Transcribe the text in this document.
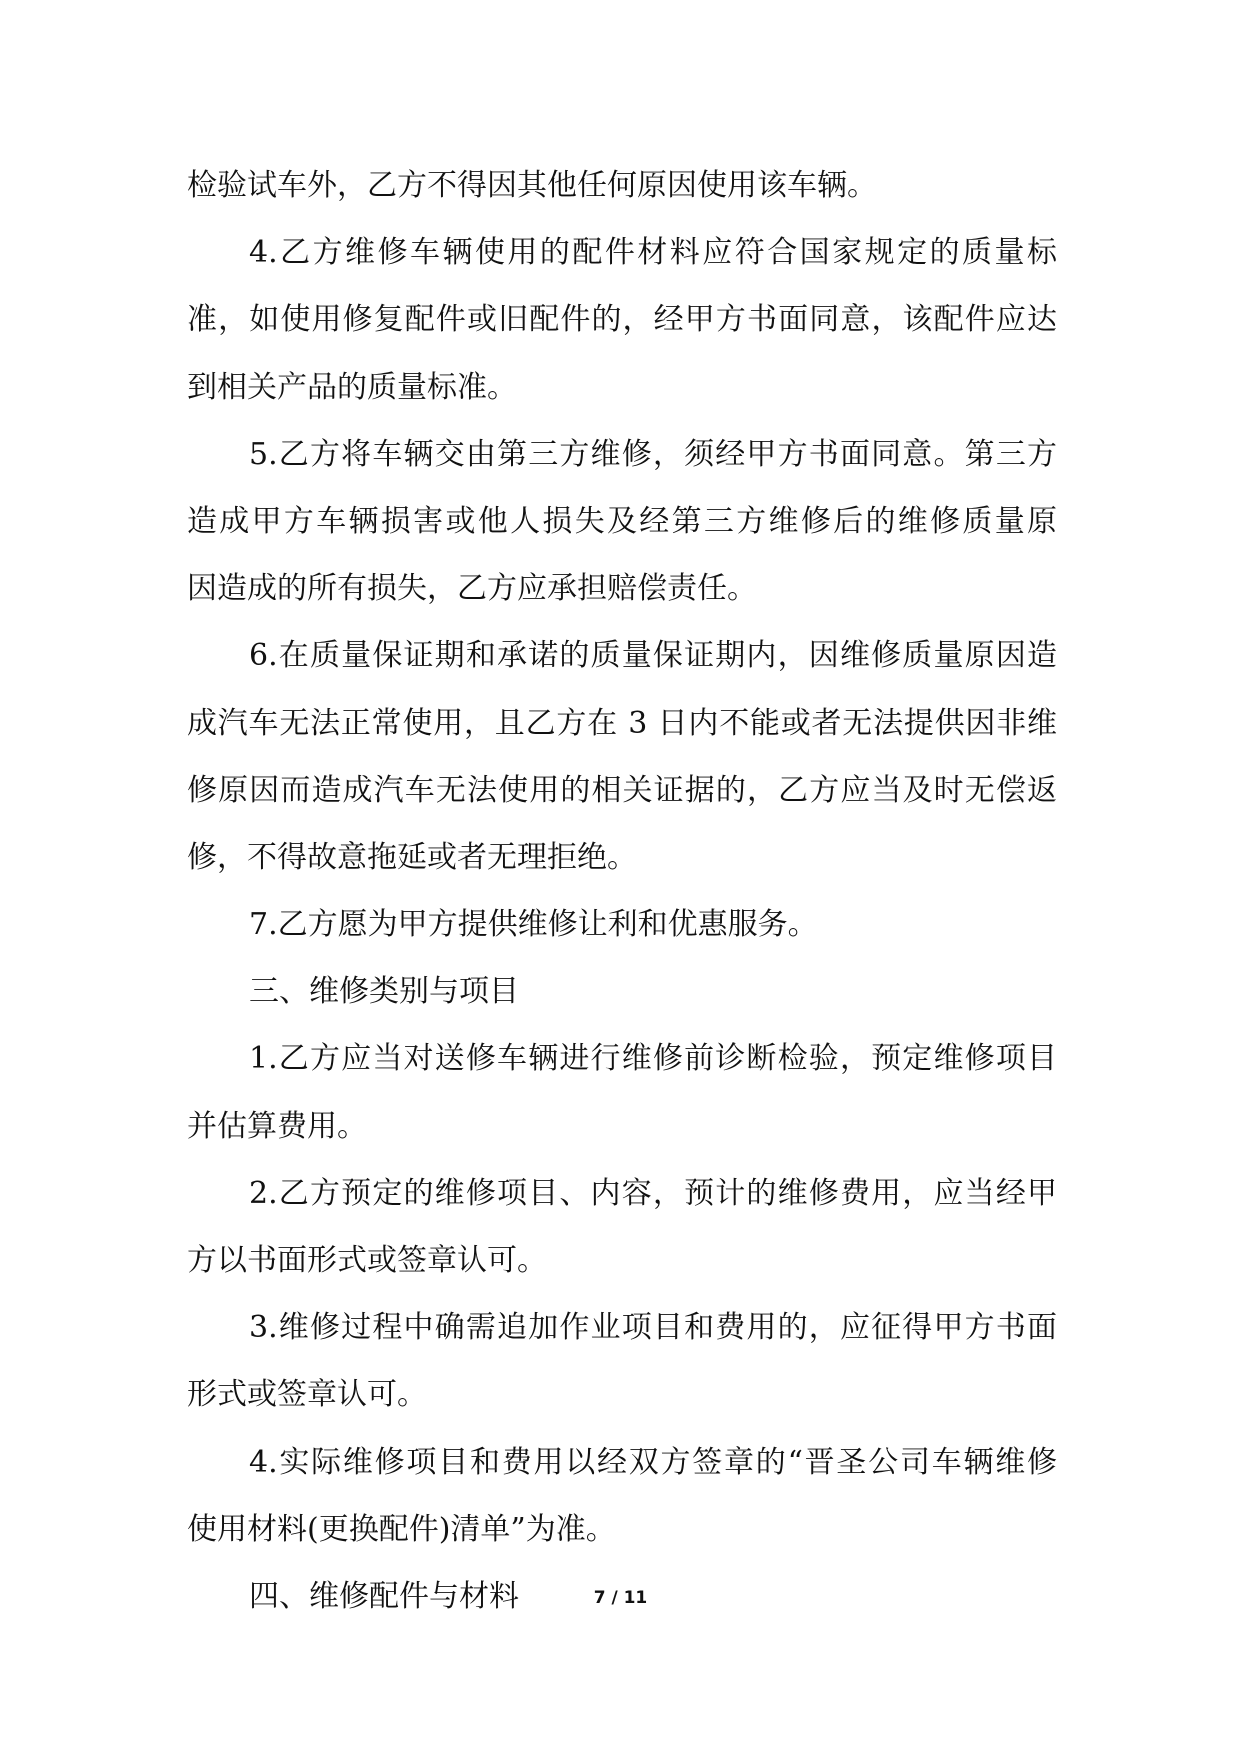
检验试车外，乙方不得因其他任何原因使用该车辆。
4.乙方维修车辆使用的配件材料应符合国家规定的质量标
准，如使用修复配件或旧配件的，经甲方书面同意，该配件应达
到相关产品的质量标准。
5.乙方将车辆交由第三方维修，须经甲方书面同意。第三方
造成甲方车辆损害或他人损失及经第三方维修后的维修质量原
因造成的所有损失，乙方应承担赔偿责任。
6.在质量保证期和承诺的质量保证期内，因维修质量原因造
成汽车无法正常使用，且乙方在 3 日内不能或者无法提供因非维
修原因而造成汽车无法使用的相关证据的，乙方应当及时无偿返
修，不得故意拖延或者无理拒绝。
7.乙方愿为甲方提供维修让利和优惠服务。
三、维修类别与项目
1.乙方应当对送修车辆进行维修前诊断检验，预定维修项目
并估算费用。
2.乙方预定的维修项目、内容，预计的维修费用，应当经甲
方以书面形式或签章认可。
3.维修过程中确需追加作业项目和费用的，应征得甲方书面
形式或签章认可。
4.实际维修项目和费用以经双方签章的“晋圣公司车辆维修
使用材料(更换配件)清单”为准。
四、维修配件与材料	7 / 11
